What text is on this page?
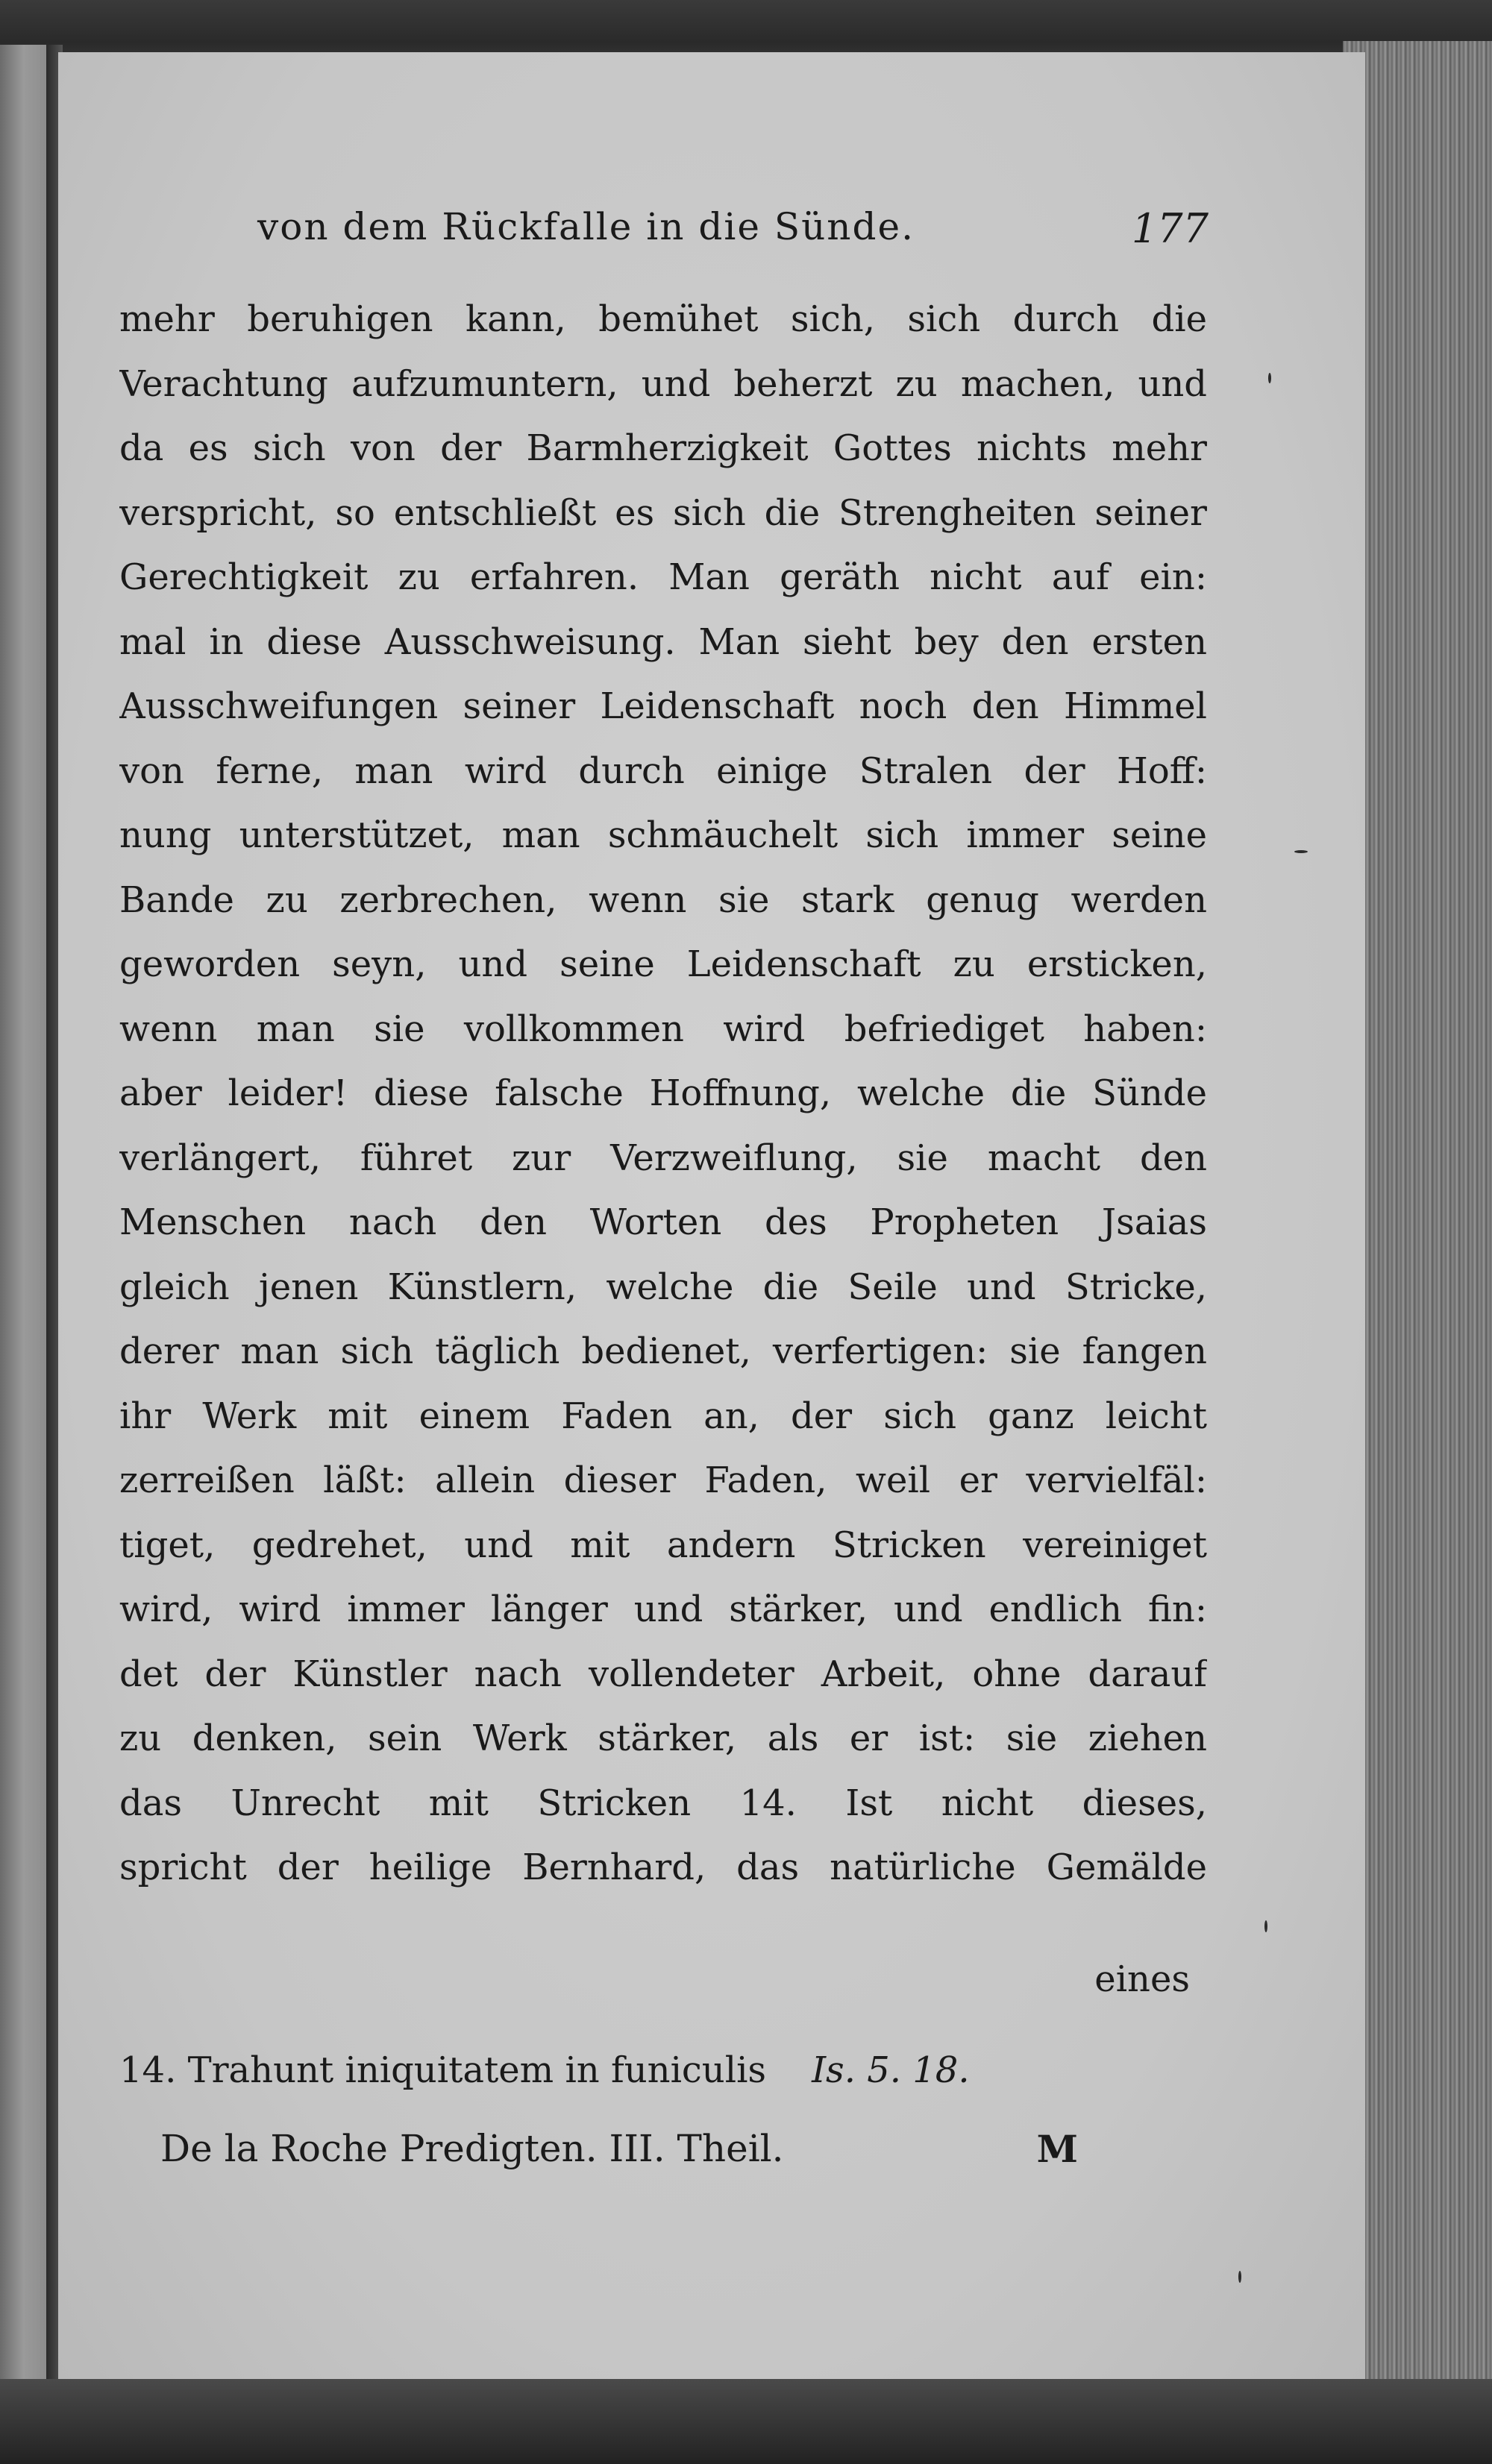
von dem Rückfalle in die Sünde.	177
mehr beruhigen kann, bemühet sich, sich durch die
Verachtung aufzumuntern, und beherzt zu machen, und
da es sich von der Barmherzigkeit Gottes nichts mehr
verspricht, so entschließt es sich die Strengheiten seiner
Gerechtigkeit zu erfahren. Man geräth nicht auf ein:
mal in diese Ausschweisung. Man sieht bey den ersten
Ausschweifungen seiner Leidenschaft noch den Himmel
von ferne, man wird durch einige Stralen der Hoff:
nung unterstützet, man schmäuchelt sich immer seine
Bande zu zerbrechen, wenn sie stark genug werden
geworden seyn, und seine Leidenschaft zu ersticken,
wenn man sie vollkommen wird befriediget haben:
aber leider! diese falsche Hoffnung, welche die Sünde
verlängert, führet zur Verzweiflung, sie macht den
Menschen nach den Worten des Propheten Jsaias
gleich jenen Künstlern, welche die Seile und Stricke,
derer man sich täglich bedienet, verfertigen: sie fangen
ihr Werk mit einem Faden an, der sich ganz leicht
zerreißen läßt: allein dieser Faden, weil er vervielfäl:
tiget, gedrehet, und mit andern Stricken vereiniget
wird, wird immer länger und stärker, und endlich fin:
det der Künstler nach vollendeter Arbeit, ohne darauf
zu denken, sein Werk stärker, als er ist: sie ziehen
das Unrecht mit Stricken 14. Ist nicht dieses,
spricht der heilige Bernhard, das natürliche Gemälde
eines
14. Trahunt iniquitatem in funiculis Is. 5. 18.
De la Roche Predigten. III. Theil.	M
